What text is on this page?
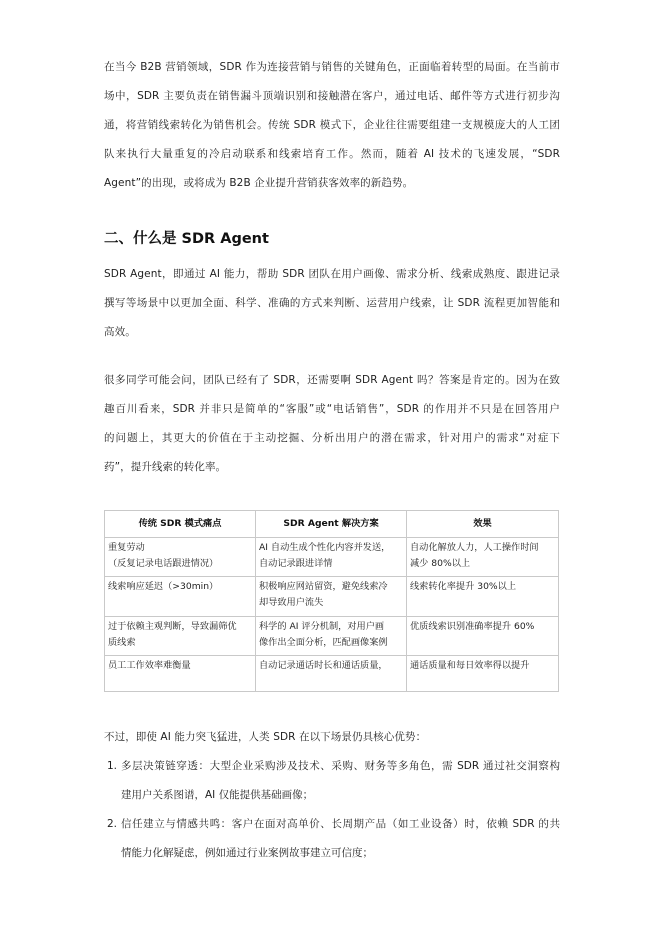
在当今 B2B 营销领域，SDR 作为连接营销与销售的关键角色，正面临着转型的局面。在当前市
场中，SDR 主要负责在销售漏斗顶端识别和接触潜在客户，通过电话、邮件等方式进行初步沟
通，将营销线索转化为销售机会。传统 SDR 模式下，企业往往需要组建一支规模庞大的人工团
队来执行大量重复的冷启动联系和线索培育工作。然而，随着 AI 技术的飞速发展，“SDR
Agent”的出现，或将成为 B2B 企业提升营销获客效率的新趋势。

二、什么是 SDR Agent

SDR Agent，即通过 AI 能力，帮助 SDR 团队在用户画像、需求分析、线索成熟度、跟进记录
撰写等场景中以更加全面、科学、准确的方式来判断、运营用户线索，让 SDR 流程更加智能和
高效。

很多同学可能会问，团队已经有了 SDR，还需要啊 SDR Agent 吗？答案是肯定的。因为在致
趣百川看来，SDR 并非只是简单的“客服”或“电话销售”，SDR 的作用并不只是在回答用户
的问题上，其更大的价值在于主动挖掘、分析出用户的潜在需求，针对用户的需求“对症下
药”，提升线索的转化率。

传统 SDR 模式痛点	SDR Agent 解决方案	效果

重复劳动
（反复记录电话跟进情况）	AI 自动生成个性化内容并发送，
自动记录跟进详情	自动化解放人力，人工操作时间
减少 80%以上

线索响应延迟（>30min）	积极响应网站留资，避免线索冷
却导致用户流失	线索转化率提升 30%以上

过于依赖主观判断，导致漏筛优
质线索	科学的 AI 评分机制，对用户画
像作出全面分析，匹配画像案例	优质线索识别准确率提升 60%

员工工作效率难衡量	自动记录通话时长和通话质量，	通话质量和每日效率得以提升

不过，即使 AI 能力突飞猛进，人类 SDR 在以下场景仍具核心优势：

1. 多层决策链穿透：大型企业采购涉及技术、采购、财务等多角色，需 SDR 通过社交洞察构
建用户关系图谱，AI 仅能提供基础画像；
2. 信任建立与情感共鸣：客户在面对高单价、长周期产品（如工业设备）时，依赖 SDR 的共
情能力化解疑虑，例如通过行业案例故事建立可信度；
